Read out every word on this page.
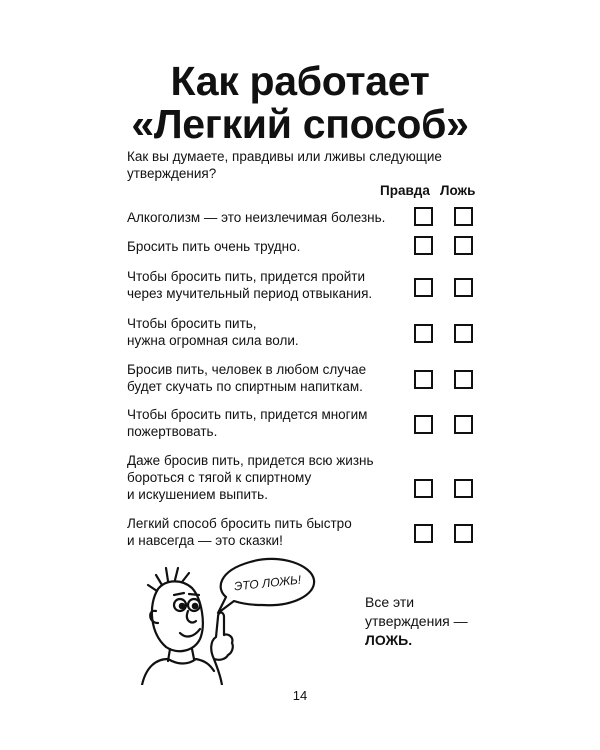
Как работает
«Легкий способ»
Как вы думаете, правдивы или лживы следующие утверждения?
Правда Ложь
Алкоголизм — это неизлечимая болезнь.
Бросить пить очень трудно.
Чтобы бросить пить, придется пройти
через мучительный период отвыкания.
Чтобы бросить пить,
нужна огромная сила воли.
Бросив пить, человек в любом случае
будет скучать по спиртным напиткам.
Чтобы бросить пить, придется многим
пожертвовать.
Даже бросив пить, придется всю жизнь
бороться с тягой к спиртному
и искушением выпить.
Легкий способ бросить пить быстро
и навсегда — это сказки!
ЭТО ЛОЖЬ!
Все эти
утверждения —
ЛОЖЬ.
14
